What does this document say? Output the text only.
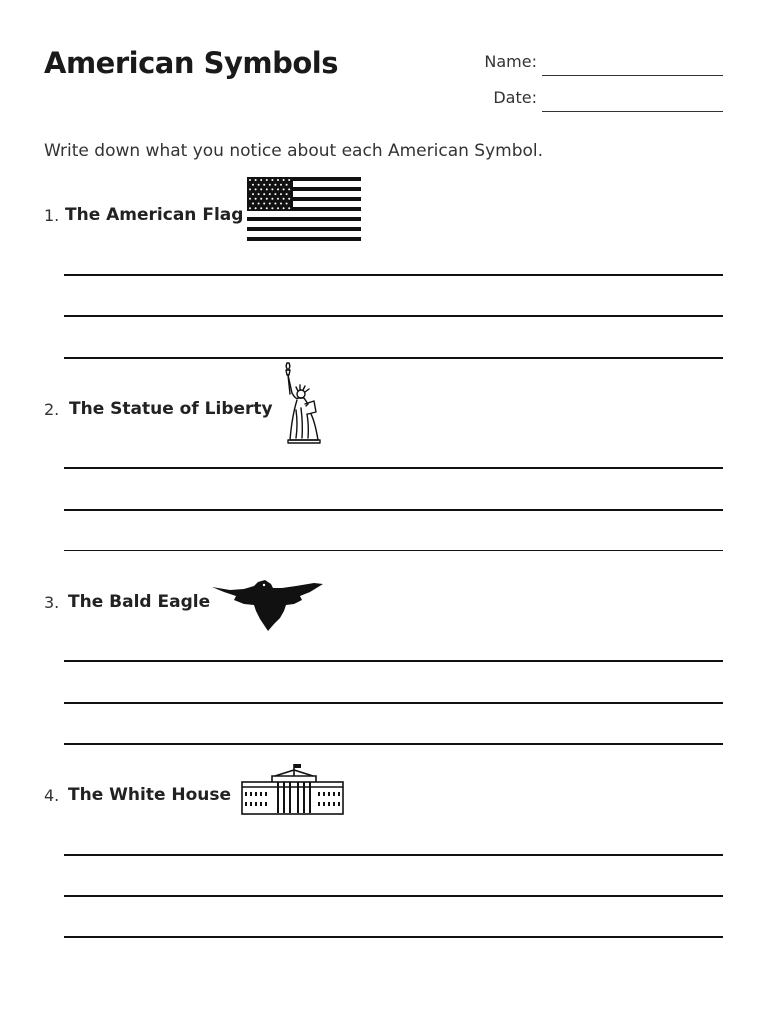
American Symbols	Name:
Date:
Write down what you notice about each American Symbol.
1. The American Flag
2. The Statue of Liberty
3. The Bald Eagle
4. The White House
